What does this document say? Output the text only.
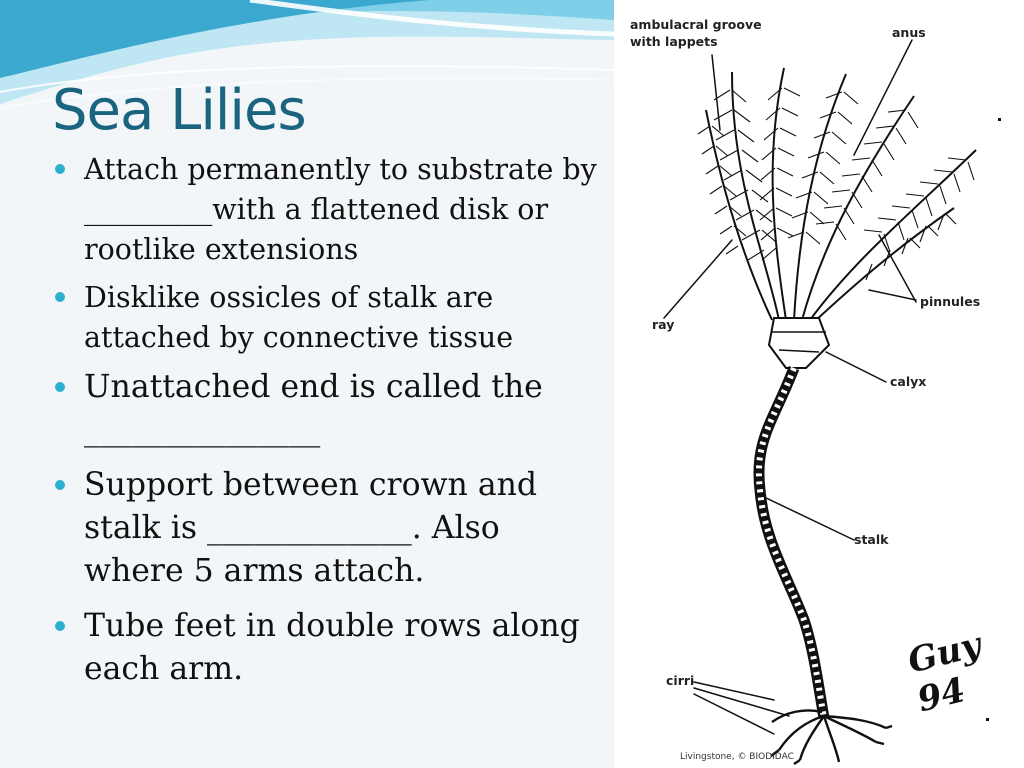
Sea Lilies
Attach permanently to substrate by _________with a flattened disk or rootlike extensions
Disklike ossicles of stalk are attached by connective tissue
Unattached end is called the _______________
Support between crown and stalk is _____________. Also where 5 arms attach.
Tube feet in double rows along each arm.
ambulacral groove
with lappets
anus
pinnules
ray
calyx
stalk
cirri	Guy 94
Livingstone, © BIODIDAC
